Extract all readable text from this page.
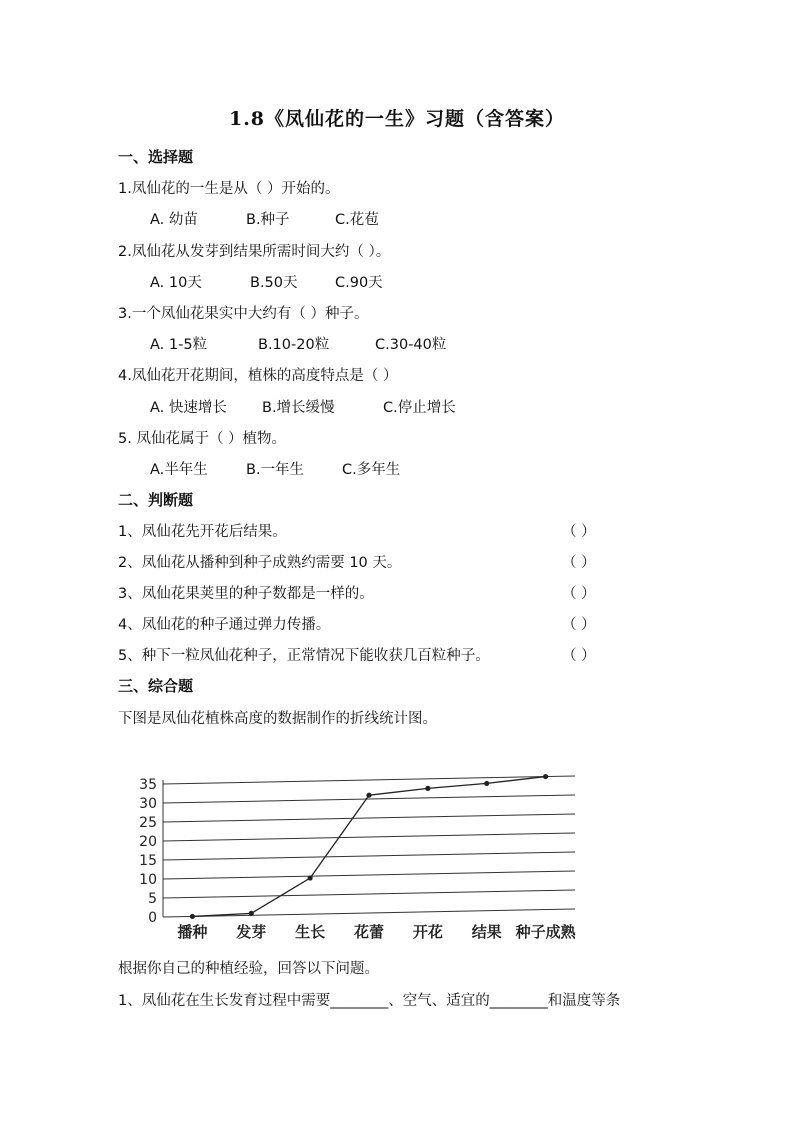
1.8《凤仙花的一生》习题（含答案）
一、选择题
1.凤仙花的一生是从（ ）开始的。
A. 幼苗	B.种子	C.花苞
2.凤仙花从发芽到结果所需时间大约（ ）。
A. 10天	B.50天	C.90天
3.一个凤仙花果实中大约有（ ）种子。
A. 1-5粒	B.10-20粒	C.30-40粒
4.凤仙花开花期间，植株的高度特点是（ ）
A. 快速增长 B.增长缓慢	C.停止增长
5. 凤仙花属于（ ）植物。
A.半年生	B.一年生	C.多年生
二、判断题
1、凤仙花先开花后结果。	（ ）
2、凤仙花从播种到种子成熟约需要 10 天。	（ ）
3、凤仙花果荚里的种子数都是一样的。	（ ）
4、凤仙花的种子通过弹力传播。	（ ）
5、种下一粒凤仙花种子，正常情况下能收获几百粒种子。	（ ）
三、综合题
下图是凤仙花植株高度的数据制作的折线统计图。
0
5
10
15
20
25
30
35
播种 发芽 生长 花蕾 开花 结果 种子成熟
根据你自己的种植经验，回答以下问题。
1、凤仙花在生长发育过程中需要________、空气、适宜的________和温度等条
